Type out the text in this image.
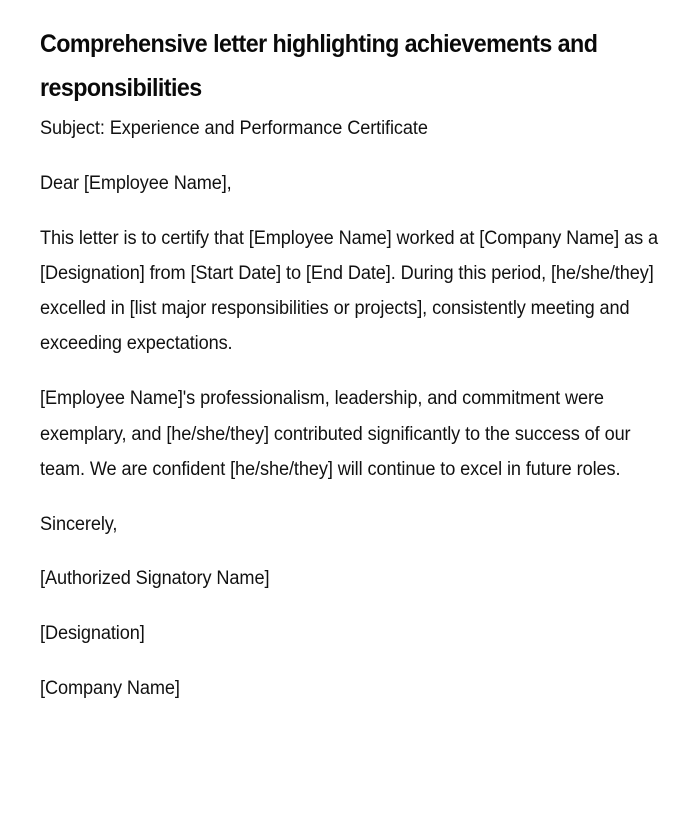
Comprehensive letter highlighting achievements and responsibilities

Subject: Experience and Performance Certificate

Dear [Employee Name],

This letter is to certify that [Employee Name] worked at [Company Name] as a [Designation] from [Start Date] to [End Date]. During this period, [he/she/they] excelled in [list major responsibilities or projects], consistently meeting and exceeding expectations.

[Employee Name]'s professionalism, leadership, and commitment were exemplary, and [he/she/they] contributed significantly to the success of our team. We are confident [he/she/they] will continue to excel in future roles.

Sincerely,

[Authorized Signatory Name]

[Designation]

[Company Name]
